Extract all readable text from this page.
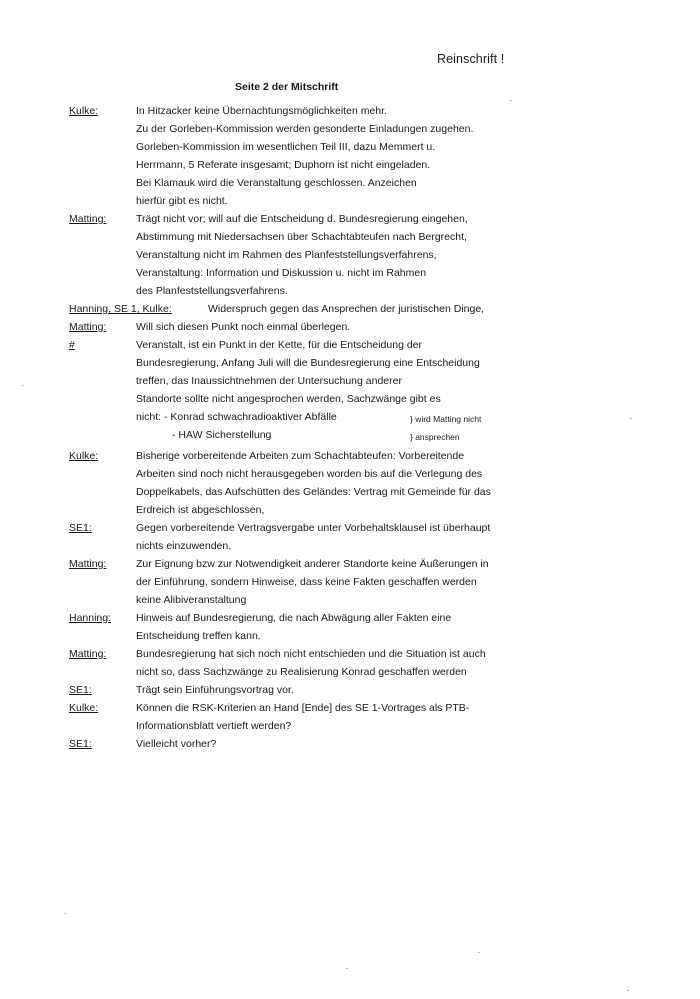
Reinschrift !
Seite 2 der Mitschrift
Kulke:	In Hitzacker keine Übernachtungsmöglichkeiten mehr.
Zu der Gorleben-Kommission werden gesonderte Einladungen zugehen.
Gorleben-Kommission im wesentlichen Teil III, dazu Memmert u.
Herrmann, 5 Referate insgesamt; Duphorn ist nicht eingeladen.
Bei Klamauk wird die Veranstaltung geschlossen. Anzeichen
hierfür gibt es nicht.
Matting:	Trägt nicht vor; will auf die Entscheidung d. Bundesregierung eingehen,
Abstimmung mit Niedersachsen über Schachtabteufen nach Bergrecht,
Veranstaltung nicht im Rahmen des Planfeststellungsverfahrens,
Veranstaltung: Information und Diskussion u. nicht im Rahmen
des Planfeststellungsverfahrens.
Hanning, SE 1, Kulke:	Widerspruch gegen das Ansprechen der juristischen Dinge,
Matting:	Will sich diesen Punkt noch einmal überlegen.
#	Veranstalt, ist ein Punkt in der Kette, für die Entscheidung der
Bundesregierung, Anfang Juli will die Bundesregierung eine Entscheidung
treffen, das Inaussichtnehmen der Untersuchung anderer
Standorte sollte nicht angesprochen werden, Sachzwänge gibt es
nicht: - Konrad schwachradioaktiver Abfälle
- HAW Sicherstellung
} wird Matting nicht
} ansprechen
Kulke:	Bisherige vorbereitende Arbeiten zum Schachtabteufen: Vorbereitende
Arbeiten sind noch nicht herausgegeben worden bis auf die Verlegung des
Doppelkabels, das Aufschütten des Geländes: Vertrag mit Gemeinde für das
Erdreich ist abgeschlossen,
SE1:	Gegen vorbereitende Vertragsvergabe unter Vorbehaltsklausel ist überhaupt
nichts einzuwenden.
Matting:	Zur Eignung bzw zur Notwendigkeit anderer Standorte keine Äußerungen in
der Einführung, sondern Hinweise, dass keine Fakten geschaffen werden
keine Alibiveranstaltung
Hanning: Hinweis auf Bundesregierung, die nach Abwägung aller Fakten eine
Entscheidung treffen kann.
Matting:	Bundesregierung hat sich noch nicht entschieden und die Situation ist auch
nicht so, dass Sachzwänge zu Realisierung Konrad geschaffen werden
SE1:	Trägt sein Einführungsvortrag vor.
Kulke:	Können die RSK-Kriterien an Hand [Ende] des SE 1-Vortrages als PTB-
Informationsblatt vertieft werden?
SE1:	Vielleicht vorher?
